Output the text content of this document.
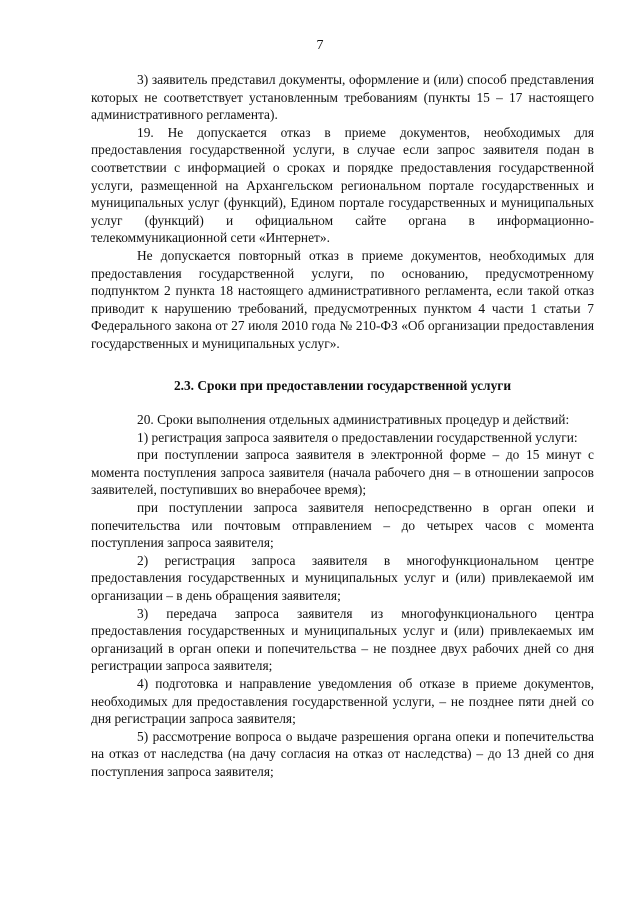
7

3) заявитель представил документы, оформление и (или) способ представления которых не соответствует установленным требованиям (пункты 15 – 17 настоящего административного регламента).

19. Не допускается отказ в приеме документов, необходимых для предоставления государственной услуги, в случае если запрос заявителя подан в соответствии с информацией о сроках и порядке предоставления государственной услуги, размещенной на Архангельском региональном портале государственных и муниципальных услуг (функций), Едином портале государственных и муниципальных услуг (функций) и официальном сайте органа в информационно-телекоммуникационной сети «Интернет».

Не допускается повторный отказ в приеме документов, необходимых для предоставления государственной услуги, по основанию, предусмотренному подпунктом 2 пункта 18 настоящего административного регламента, если такой отказ приводит к нарушению требований, предусмотренных пунктом 4 части 1 статьи 7 Федерального закона от 27 июля 2010 года № 210-ФЗ «Об организации предоставления государственных и муниципальных услуг».

2.3. Сроки при предоставлении государственной услуги

20. Сроки выполнения отдельных административных процедур и действий:

1) регистрация запроса заявителя о предоставлении государственной услуги:

при поступлении запроса заявителя в электронной форме – до 15 минут с момента поступления запроса заявителя (начала рабочего дня – в отношении запросов заявителей, поступивших во внерабочее время);

при поступлении запроса заявителя непосредственно в орган опеки и попечительства или почтовым отправлением – до четырех часов с момента поступления запроса заявителя;

2) регистрация запроса заявителя в многофункциональном центре предоставления государственных и муниципальных услуг и (или) привлекаемой им организации – в день обращения заявителя;

3) передача запроса заявителя из многофункционального центра предоставления государственных и муниципальных услуг и (или) привлекаемых им организаций в орган опеки и попечительства – не позднее двух рабочих дней со дня регистрации запроса заявителя;

4) подготовка и направление уведомления об отказе в приеме документов, необходимых для предоставления государственной услуги, – не позднее пяти дней со дня регистрации запроса заявителя;

5) рассмотрение вопроса о выдаче разрешения органа опеки и попечительства на отказ от наследства (на дачу согласия на отказ от наследства) – до 13 дней со дня поступления запроса заявителя;
